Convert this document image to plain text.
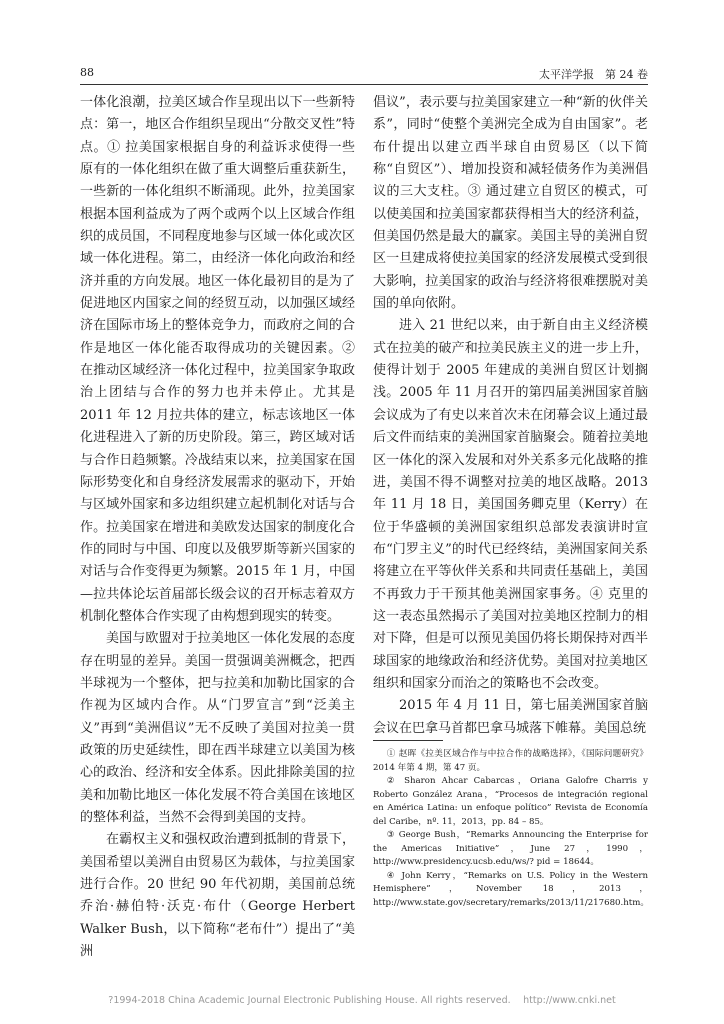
88	太平洋学报　第 24 卷

一体化浪潮，拉美区域合作呈现出以下一些新特点：第一，地区合作组织呈现出“分散交叉性”特点。① 拉美国家根据自身的利益诉求使得一些原有的一体化组织在做了重大调整后重获新生，一些新的一体化组织不断涌现。此外，拉美国家根据本国利益成为了两个或两个以上区域合作组织的成员国，不同程度地参与区域一体化或次区域一体化进程。第二，由经济一体化向政治和经济并重的方向发展。地区一体化最初目的是为了促进地区内国家之间的经贸互动，以加强区域经济在国际市场上的整体竞争力，而政府之间的合作是地区一体化能否取得成功的关键因素。② 在推动区域经济一体化过程中，拉美国家争取政治上团结与合作的努力也并未停止。尤其是 2011 年 12 月拉共体的建立，标志该地区一体化进程进入了新的历史阶段。第三，跨区域对话与合作日趋频繁。冷战结束以来，拉美国家在国际形势变化和自身经济发展需求的驱动下，开始与区域外国家和多边组织建立起机制化对话与合作。拉美国家在增进和美欧发达国家的制度化合作的同时与中国、印度以及俄罗斯等新兴国家的对话与合作变得更为频繁。2015 年 1 月，中国—拉共体论坛首届部长级会议的召开标志着双方机制化整体合作实现了由构想到现实的转变。

美国与欧盟对于拉美地区一体化发展的态度存在明显的差异。美国一贯强调美洲概念，把西半球视为一个整体，把与拉美和加勒比国家的合作视为区域内合作。从“门罗宣言”到“泛美主义”再到“美洲倡议”无不反映了美国对拉美一贯政策的历史延续性，即在西半球建立以美国为核心的政治、经济和安全体系。因此排除美国的拉美和加勒比地区一体化发展不符合美国在该地区的整体利益，当然不会得到美国的支持。

在霸权主义和强权政治遭到抵制的背景下，美国希望以美洲自由贸易区为载体，与拉美国家进行合作。20 世纪 90 年代初期，美国前总统乔治·赫伯特·沃克·布什（George Herbert Walker Bush，以下简称“老布什”）提出了“美洲

倡议”，表示要与拉美国家建立一种“新的伙伴关系”，同时“使整个美洲完全成为自由国家”。老布什提出以建立西半球自由贸易区（以下简称“自贸区”）、增加投资和减轻债务作为美洲倡议的三大支柱。③ 通过建立自贸区的模式，可以使美国和拉美国家都获得相当大的经济利益，但美国仍然是最大的赢家。美国主导的美洲自贸区一旦建成将使拉美国家的经济发展模式受到很大影响，拉美国家的政治与经济将很难摆脱对美国的单向依附。

进入 21 世纪以来，由于新自由主义经济模式在拉美的破产和拉美民族主义的进一步上升，使得计划于 2005 年建成的美洲自贸区计划搁浅。2005 年 11 月召开的第四届美洲国家首脑会议成为了有史以来首次未在闭幕会议上通过最后文件而结束的美洲国家首脑聚会。随着拉美地区一体化的深入发展和对外关系多元化战略的推进，美国不得不调整对拉美的地区战略。2013 年 11 月 18 日，美国国务卿克里（Kerry）在位于华盛顿的美洲国家组织总部发表演讲时宣布“门罗主义”的时代已经终结，美洲国家间关系将建立在平等伙伴关系和共同责任基础上，美国不再致力于干预其他美洲国家事务。④ 克里的这一表态虽然揭示了美国对拉美地区控制力的相对下降，但是可以预见美国仍将长期保持对西半球国家的地缘政治和经济优势。美国对拉美地区组织和国家分而治之的策略也不会改变。

2015 年 4 月 11 日，第七届美洲国家首脑会议在巴拿马首都巴拿马城落下帷幕。美国总统

① 赵晖《拉美区域合作与中拉合作的战略选择》，《国际问题研究》2014 年第 4 期，第 47 页。

② Sharon Ahcar Cabarcas，Oriana Galofre Charris y Roberto González Arana，“Procesos de integración regional en América Latina: un enfoque político” Revista de Economía del Caribe，nº. 11，2013，pp. 84 – 85。

③ George Bush，“Remarks Announcing the Enterprise for the Americas Initiative”，June 27，1990，http://www.presidency.ucsb.edu/ws/? pid = 18644。

④ John Kerry，“Remarks on U.S. Policy in the Western Hemisphere”，November 18，2013，http://www.state.gov/secretary/remarks/2013/11/217680.htm。

?1994-2018 China Academic Journal Electronic Publishing House. All rights reserved.　 http://www.cnki.net
